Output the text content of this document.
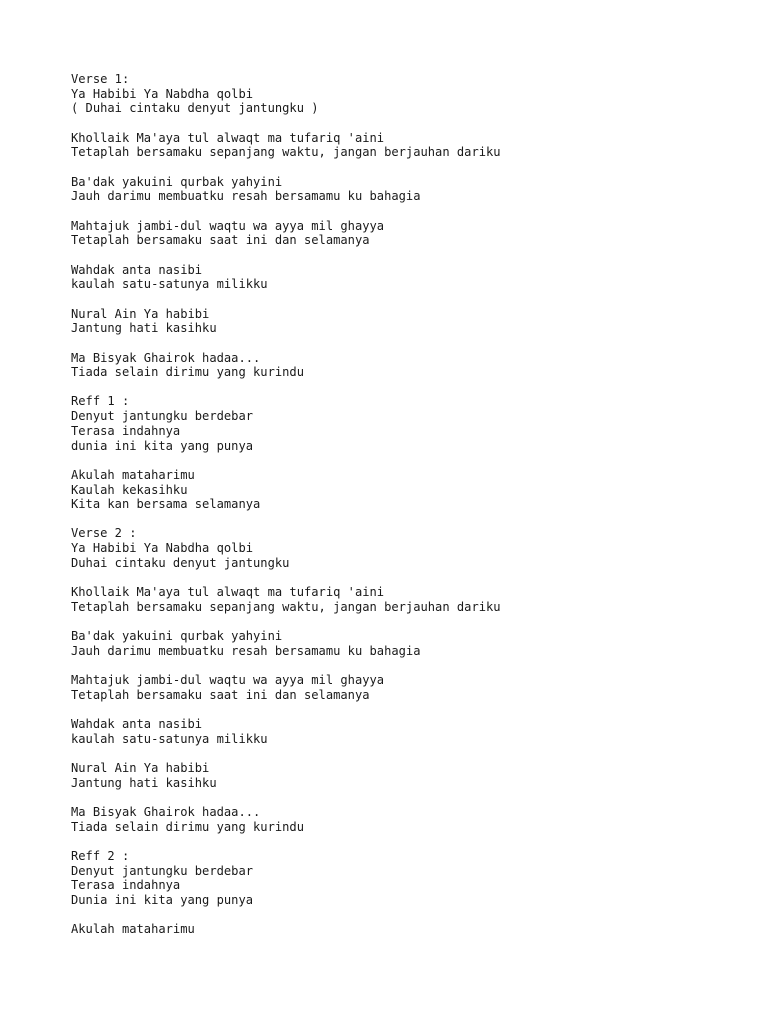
Verse 1:
Ya Habibi Ya Nabdha qolbi
( Duhai cintaku denyut jantungku )
Khollaik Ma'aya tul alwaqt ma tufariq 'aini
Tetaplah bersamaku sepanjang waktu, jangan berjauhan dariku
Ba'dak yakuini qurbak yahyini
Jauh darimu membuatku resah bersamamu ku bahagia
Mahtajuk jambi-dul waqtu wa ayya mil ghayya
Tetaplah bersamaku saat ini dan selamanya
Wahdak anta nasibi
kaulah satu-satunya milikku
Nural Ain Ya habibi
Jantung hati kasihku
Ma Bisyak Ghairok hadaa...
Tiada selain dirimu yang kurindu
Reff 1 :
Denyut jantungku berdebar
Terasa indahnya
dunia ini kita yang punya
Akulah mataharimu
Kaulah kekasihku
Kita kan bersama selamanya
Verse 2 :
Ya Habibi Ya Nabdha qolbi
Duhai cintaku denyut jantungku
Khollaik Ma'aya tul alwaqt ma tufariq 'aini
Tetaplah bersamaku sepanjang waktu, jangan berjauhan dariku
Ba'dak yakuini qurbak yahyini
Jauh darimu membuatku resah bersamamu ku bahagia
Mahtajuk jambi-dul waqtu wa ayya mil ghayya
Tetaplah bersamaku saat ini dan selamanya
Wahdak anta nasibi
kaulah satu-satunya milikku
Nural Ain Ya habibi
Jantung hati kasihku
Ma Bisyak Ghairok hadaa...
Tiada selain dirimu yang kurindu
Reff 2 :
Denyut jantungku berdebar
Terasa indahnya
Dunia ini kita yang punya
Akulah mataharimu
